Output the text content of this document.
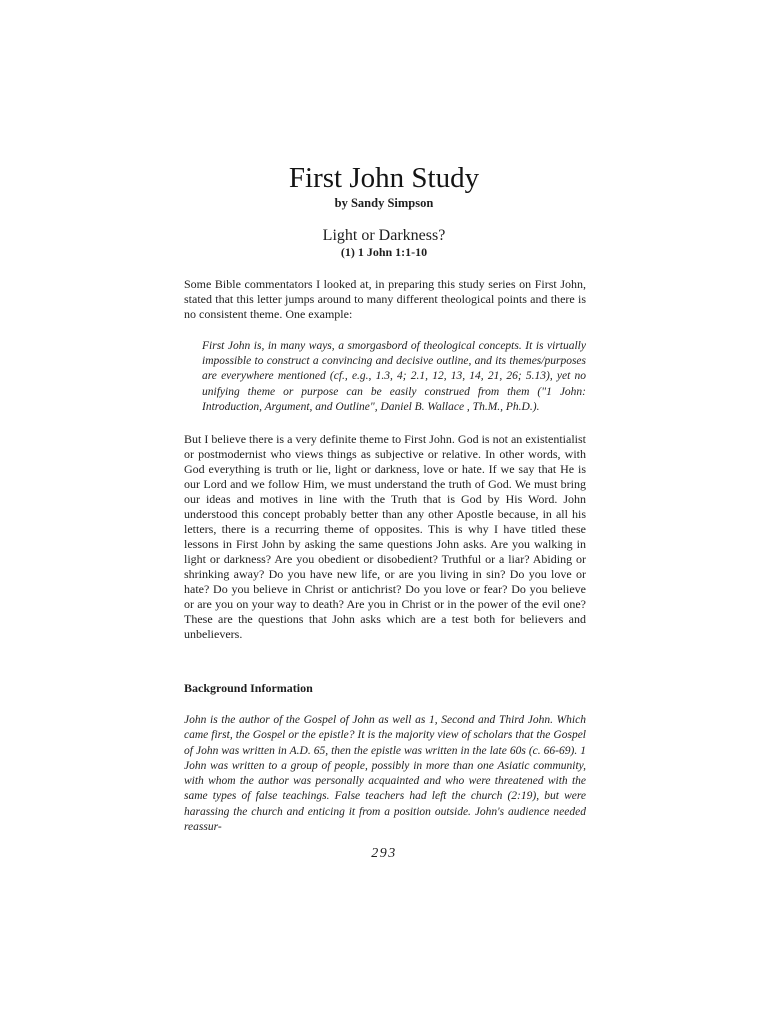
First John Study
by Sandy Simpson
Light or Darkness?
(1) 1 John 1:1-10

Some Bible commentators I looked at, in preparing this study series on First John, stated that this letter jumps around to many different theological points and there is no consistent theme. One example:

First John is, in many ways, a smorgasbord of theological concepts. It is virtually impossible to construct a convincing and decisive outline, and its themes/purposes are everywhere mentioned (cf., e.g., 1.3, 4; 2.1, 12, 13, 14, 21, 26; 5.13), yet no unifying theme or purpose can be easily construed from them ("1 John: Introduction, Argument, and Outline", Daniel B. Wallace , Th.M., Ph.D.).

But I believe there is a very definite theme to First John. God is not an existentialist or postmodernist who views things as subjective or relative. In other words, with God everything is truth or lie, light or darkness, love or hate. If we say that He is our Lord and we follow Him, we must understand the truth of God. We must bring our ideas and motives in line with the Truth that is God by His Word. John understood this concept probably better than any other Apostle because, in all his letters, there is a recurring theme of opposites. This is why I have titled these lessons in First John by asking the same questions John asks. Are you walking in light or darkness? Are you obedient or disobedient? Truthful or a liar? Abiding or shrinking away? Do you have new life, or are you living in sin? Do you love or hate? Do you believe in Christ or antichrist? Do you love or fear? Do you believe or are you on your way to death? Are you in Christ or in the power of the evil one? These are the questions that John asks which are a test both for believers and unbelievers.

Background Information

John is the author of the Gospel of John as well as 1, Second and Third John. Which came first, the Gospel or the epistle? It is the majority view of scholars that the Gospel of John was written in A.D. 65, then the epistle was written in the late 60s (c. 66-69). 1 John was written to a group of people, possibly in more than one Asiatic community, with whom the author was personally acquainted and who were threatened with the same types of false teachings. False teachers had left the church (2:19), but were harassing the church and enticing it from a position outside. John's audience needed reassur-

293
